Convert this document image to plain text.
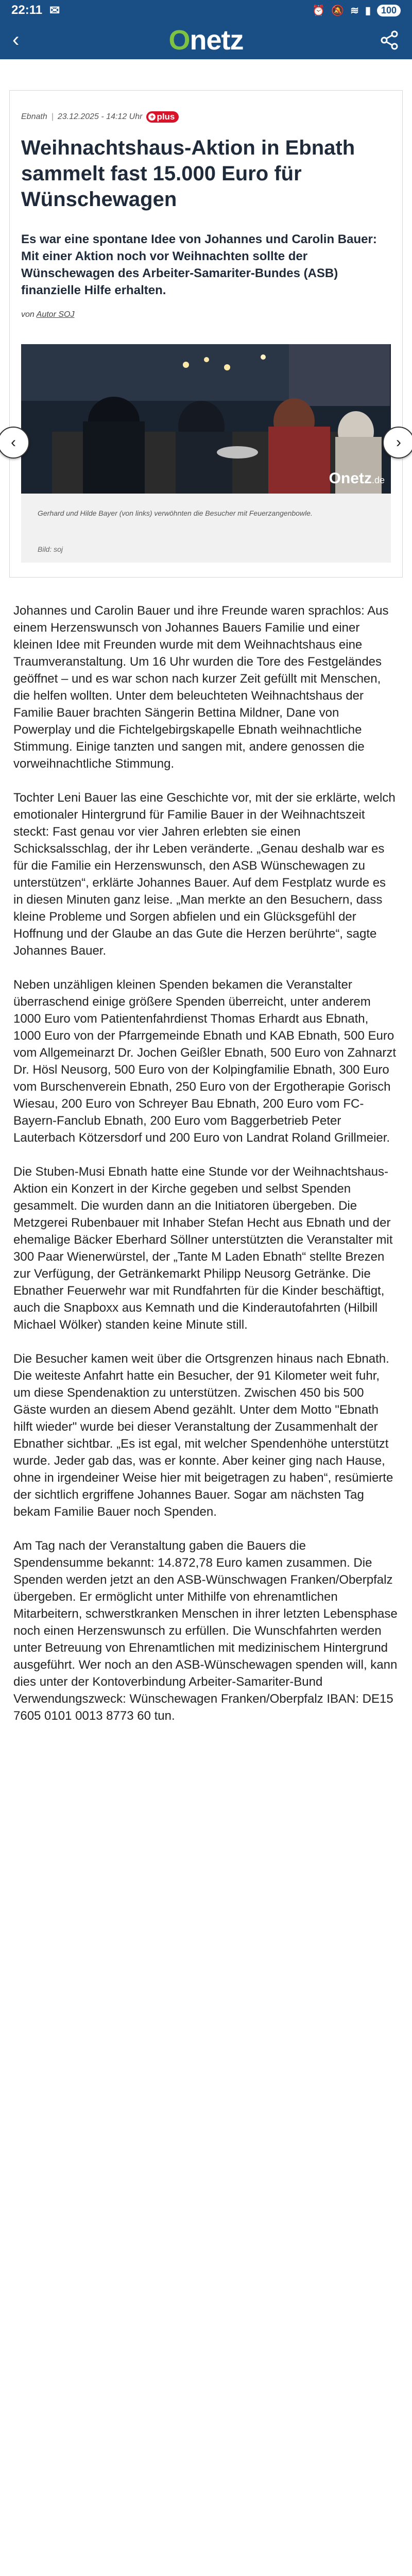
22:11 ✉	⏰ 🔕 ≋ ▮	100
‹	Onetz
Ebnath | 23.12.2025 - 14:12 Uhr + plus
Weihnachtshaus-Aktion in Ebnath sammelt fast 15.000 Euro für Wünschewagen

Es war eine spontane Idee von Johannes und Carolin Bauer: Mit einer Aktion noch vor Weihnachten sollte der Wünschewagen des Arbeiter-Samariter-Bundes (ASB) finanzielle Hilfe erhalten.

von Autor SOJ

Onetz.de

Gerhard und Hilde Bayer (von links) verwöhnten die Besucher mit Feuerzangenbowle.

Bild: soj

‹	›

Johannes und Carolin Bauer und ihre Freunde waren sprachlos: Aus einem Herzenswunsch von Johannes Bauers Familie und einer kleinen Idee mit Freunden wurde mit dem Weihnachtshaus eine Traumveranstaltung. Um 16 Uhr wurden die Tore des Festgeländes geöffnet – und es war schon nach kurzer Zeit gefüllt mit Menschen, die helfen wollten. Unter dem beleuchteten Weihnachtshaus der Familie Bauer brachten Sängerin Bettina Mildner, Dane von Powerplay und die Fichtelgebirgskapelle Ebnath weihnachtliche Stimmung. Einige tanzten und sangen mit, andere genossen die vorweihnachtliche Stimmung.

Tochter Leni Bauer las eine Geschichte vor, mit der sie erklärte, welch emotionaler Hintergrund für Familie Bauer in der Weihnachtszeit steckt: Fast genau vor vier Jahren erlebten sie einen Schicksalsschlag, der ihr Leben veränderte. „Genau deshalb war es für die Familie ein Herzenswunsch, den ASB Wünschewagen zu unterstützen“, erklärte Johannes Bauer. Auf dem Festplatz wurde es in diesen Minuten ganz leise. „Man merkte an den Besuchern, dass kleine Probleme und Sorgen abfielen und ein Glücksgefühl der Hoffnung und der Glaube an das Gute die Herzen berührte“, sagte Johannes Bauer.

Neben unzähligen kleinen Spenden bekamen die Veranstalter überraschend einige größere Spenden überreicht, unter anderem 1000 Euro vom Patientenfahrdienst Thomas Erhardt aus Ebnath, 1000 Euro von der Pfarrgemeinde Ebnath und KAB Ebnath, 500 Euro vom Allgemeinarzt Dr. Jochen Geißler Ebnath, 500 Euro von Zahnarzt Dr. Hösl Neusorg, 500 Euro von der Kolpingfamilie Ebnath, 300 Euro vom Burschenverein Ebnath, 250 Euro von der Ergotherapie Gorisch Wiesau, 200 Euro von Schreyer Bau Ebnath, 200 Euro vom FC-Bayern-Fanclub Ebnath, 200 Euro vom Baggerbetrieb Peter Lauterbach Kötzersdorf und 200 Euro von Landrat Roland Grillmeier.

Die Stuben-Musi Ebnath hatte eine Stunde vor der Weihnachtshaus-Aktion ein Konzert in der Kirche gegeben und selbst Spenden gesammelt. Die wurden dann an die Initiatoren übergeben. Die Metzgerei Rubenbauer mit Inhaber Stefan Hecht aus Ebnath und der ehemalige Bäcker Eberhard Söllner unterstützten die Veranstalter mit 300 Paar Wienerwürstel, der „Tante M Laden Ebnath“ stellte Brezen zur Verfügung, der Getränkemarkt Philipp Neusorg Getränke. Die Ebnather Feuerwehr war mit Rundfahrten für die Kinder beschäftigt, auch die Snapboxx aus Kemnath und die Kinderautofahrten (Hilbill Michael Wölker) standen keine Minute still.

Die Besucher kamen weit über die Ortsgrenzen hinaus nach Ebnath. Die weiteste Anfahrt hatte ein Besucher, der 91 Kilometer weit fuhr, um diese Spendenaktion zu unterstützen. Zwischen 450 bis 500 Gäste wurden an diesem Abend gezählt. Unter dem Motto "Ebnath hilft wieder" wurde bei dieser Veranstaltung der Zusammenhalt der Ebnather sichtbar. „Es ist egal, mit welcher Spendenhöhe unterstützt wurde. Jeder gab das, was er konnte. Aber keiner ging nach Hause, ohne in irgendeiner Weise hier mit beigetragen zu haben“, resümierte der sichtlich ergriffene Johannes Bauer. Sogar am nächsten Tag bekam Familie Bauer noch Spenden.

Am Tag nach der Veranstaltung gaben die Bauers die Spendensumme bekannt: 14.872,78 Euro kamen zusammen. Die Spenden werden jetzt an den ASB-Wünschwagen Franken/Oberpfalz übergeben. Er ermöglicht unter Mithilfe von ehrenamtlichen Mitarbeitern, schwerstkranken Menschen in ihrer letzten Lebensphase noch einen Herzenswunsch zu erfüllen. Die Wunschfahrten werden unter Betreuung von Ehrenamtlichen mit medizinischem Hintergrund ausgeführt. Wer noch an den ASB-Wünschewagen spenden will, kann dies unter der Kontoverbindung Arbeiter-Samariter-Bund Verwendungszweck: Wünschewagen Franken/Oberpfalz IBAN: DE15 7605 0101 0013 8773 60 tun.
